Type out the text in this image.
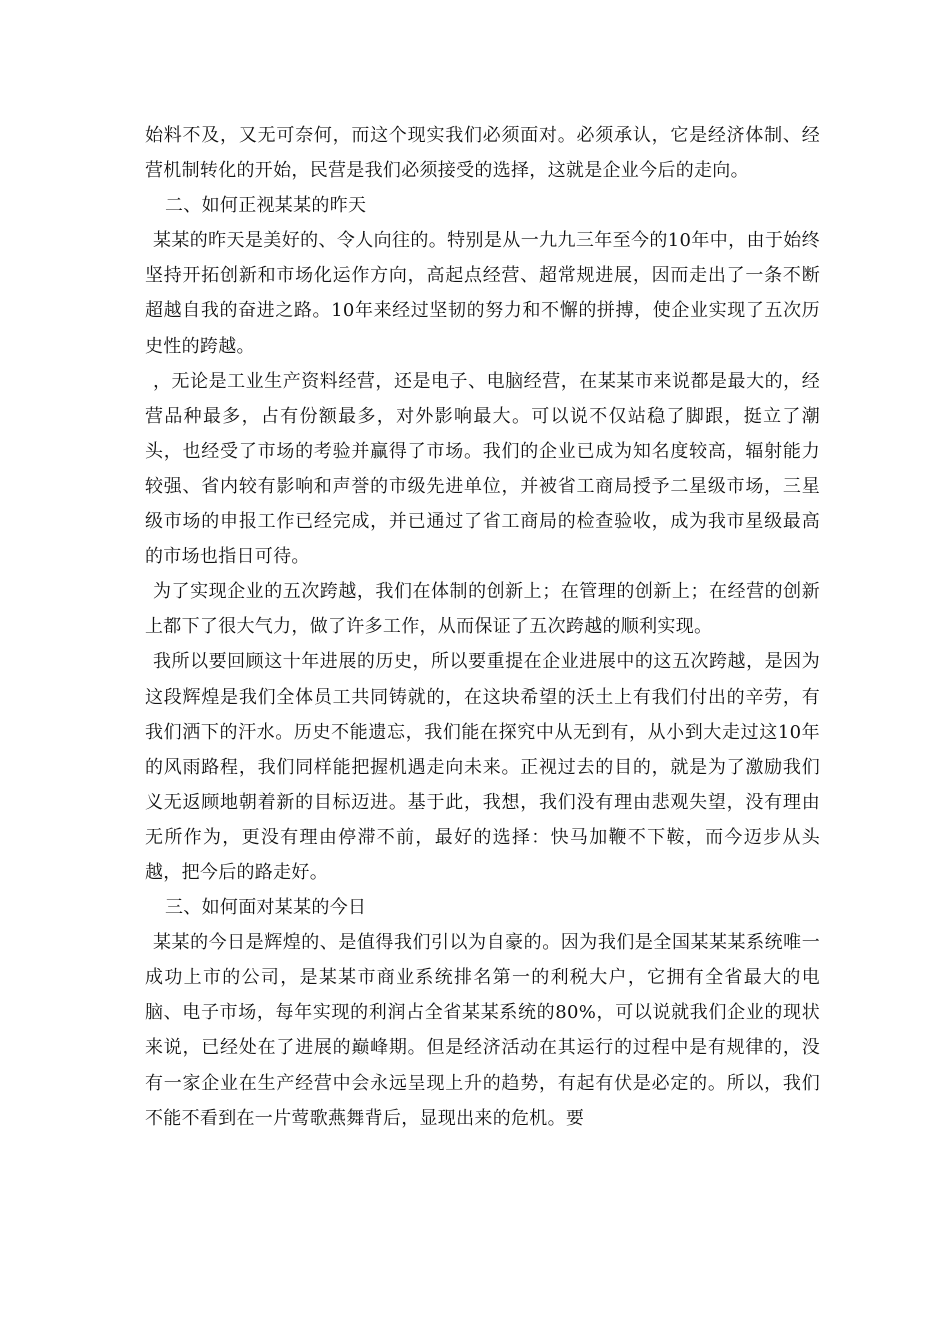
始料不及，又无可奈何，而这个现实我们必须面对。必须承认，它是经济体制、经营机制转化的开始，民营是我们必须接受的选择，这就是企业今后的走向。

二、如何正视某某的昨天

某某的昨天是美好的、令人向往的。特别是从一九九三年至今的10年中，由于始终坚持开拓创新和市场化运作方向，高起点经营、超常规进展，因而走出了一条不断超越自我的奋进之路。10年来经过坚韧的努力和不懈的拼搏，使企业实现了五次历史性的跨越。

，无论是工业生产资料经营，还是电子、电脑经营，在某某市来说都是最大的，经营品种最多，占有份额最多，对外影响最大。可以说不仅站稳了脚跟，挺立了潮头，也经受了市场的考验并赢得了市场。我们的企业已成为知名度较高，辐射能力较强、省内较有影响和声誉的市级先进单位，并被省工商局授予二星级市场，三星级市场的申报工作已经完成，并已通过了省工商局的检查验收，成为我市星级最高的市场也指日可待。

为了实现企业的五次跨越，我们在体制的创新上；在管理的创新上；在经营的创新上都下了很大气力，做了许多工作，从而保证了五次跨越的顺利实现。

我所以要回顾这十年进展的历史，所以要重提在企业进展中的这五次跨越，是因为这段辉煌是我们全体员工共同铸就的，在这块希望的沃土上有我们付出的辛劳，有我们洒下的汗水。历史不能遗忘，我们能在探究中从无到有，从小到大走过这10年的风雨路程，我们同样能把握机遇走向未来。正视过去的目的，就是为了激励我们义无返顾地朝着新的目标迈进。基于此，我想，我们没有理由悲观失望，没有理由无所作为，更没有理由停滞不前，最好的选择：快马加鞭不下鞍，而今迈步从头越，把今后的路走好。

三、如何面对某某的今日

某某的今日是辉煌的、是值得我们引以为自豪的。因为我们是全国某某某系统唯一成功上市的公司，是某某市商业系统排名第一的利税大户，它拥有全省最大的电脑、电子市场，每年实现的利润占全省某某系统的80%，可以说就我们企业的现状来说，已经处在了进展的巅峰期。但是经济活动在其运行的过程中是有规律的，没有一家企业在生产经营中会永远呈现上升的趋势，有起有伏是必定的。所以，我们不能不看到在一片莺歌燕舞背后，显现出来的危机。要
